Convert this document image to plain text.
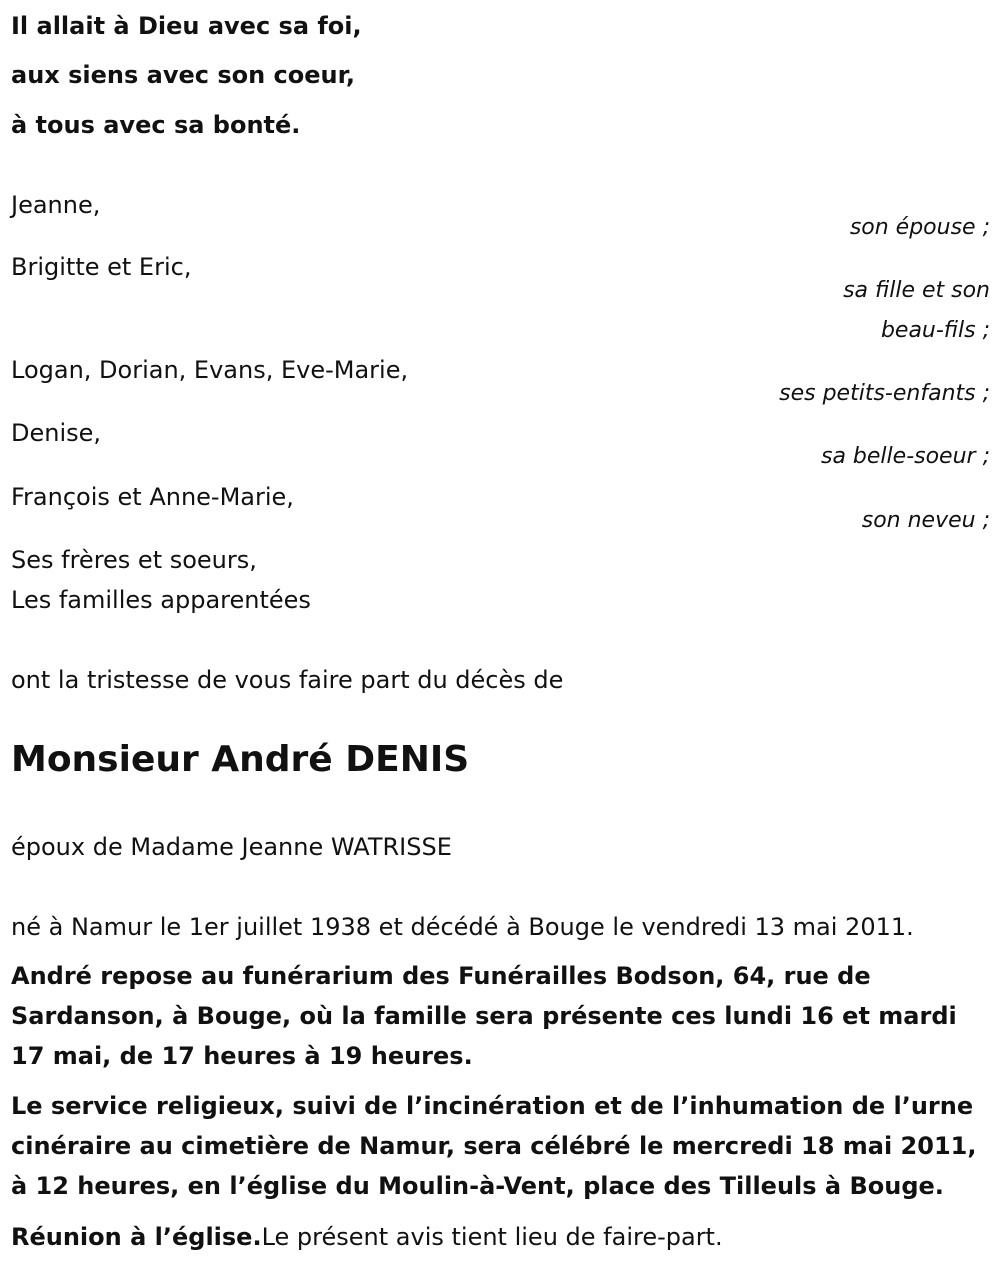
Il allait à Dieu avec sa foi,
aux siens avec son coeur,
à tous avec sa bonté.
Jeanne,
son épouse ;
Brigitte et Eric,
sa fille et son
beau-fils ;
Logan, Dorian, Evans, Eve-Marie,
ses petits-enfants ;
Denise,
sa belle-soeur ;
François et Anne-Marie,
son neveu ;
Ses frères et soeurs,
Les familles apparentées
ont la tristesse de vous faire part du décès de
Monsieur André DENIS
époux de Madame Jeanne WATRISSE
né à Namur le 1er juillet 1938 et décédé à Bouge le vendredi 13 mai 2011.
André repose au funérarium des Funérailles Bodson, 64, rue de Sardanson, à Bouge, où la famille sera présente ces lundi 16 et mardi 17 mai, de 17 heures à 19 heures.
Le service religieux, suivi de l’incinération et de l’inhumation de l’urne cinéraire au cimetière de Namur, sera célébré le mercredi 18 mai 2011, à 12 heures, en l’église du Moulin-à-Vent, place des Tilleuls à Bouge.
Réunion à l’église.Le présent avis tient lieu de faire-part.
